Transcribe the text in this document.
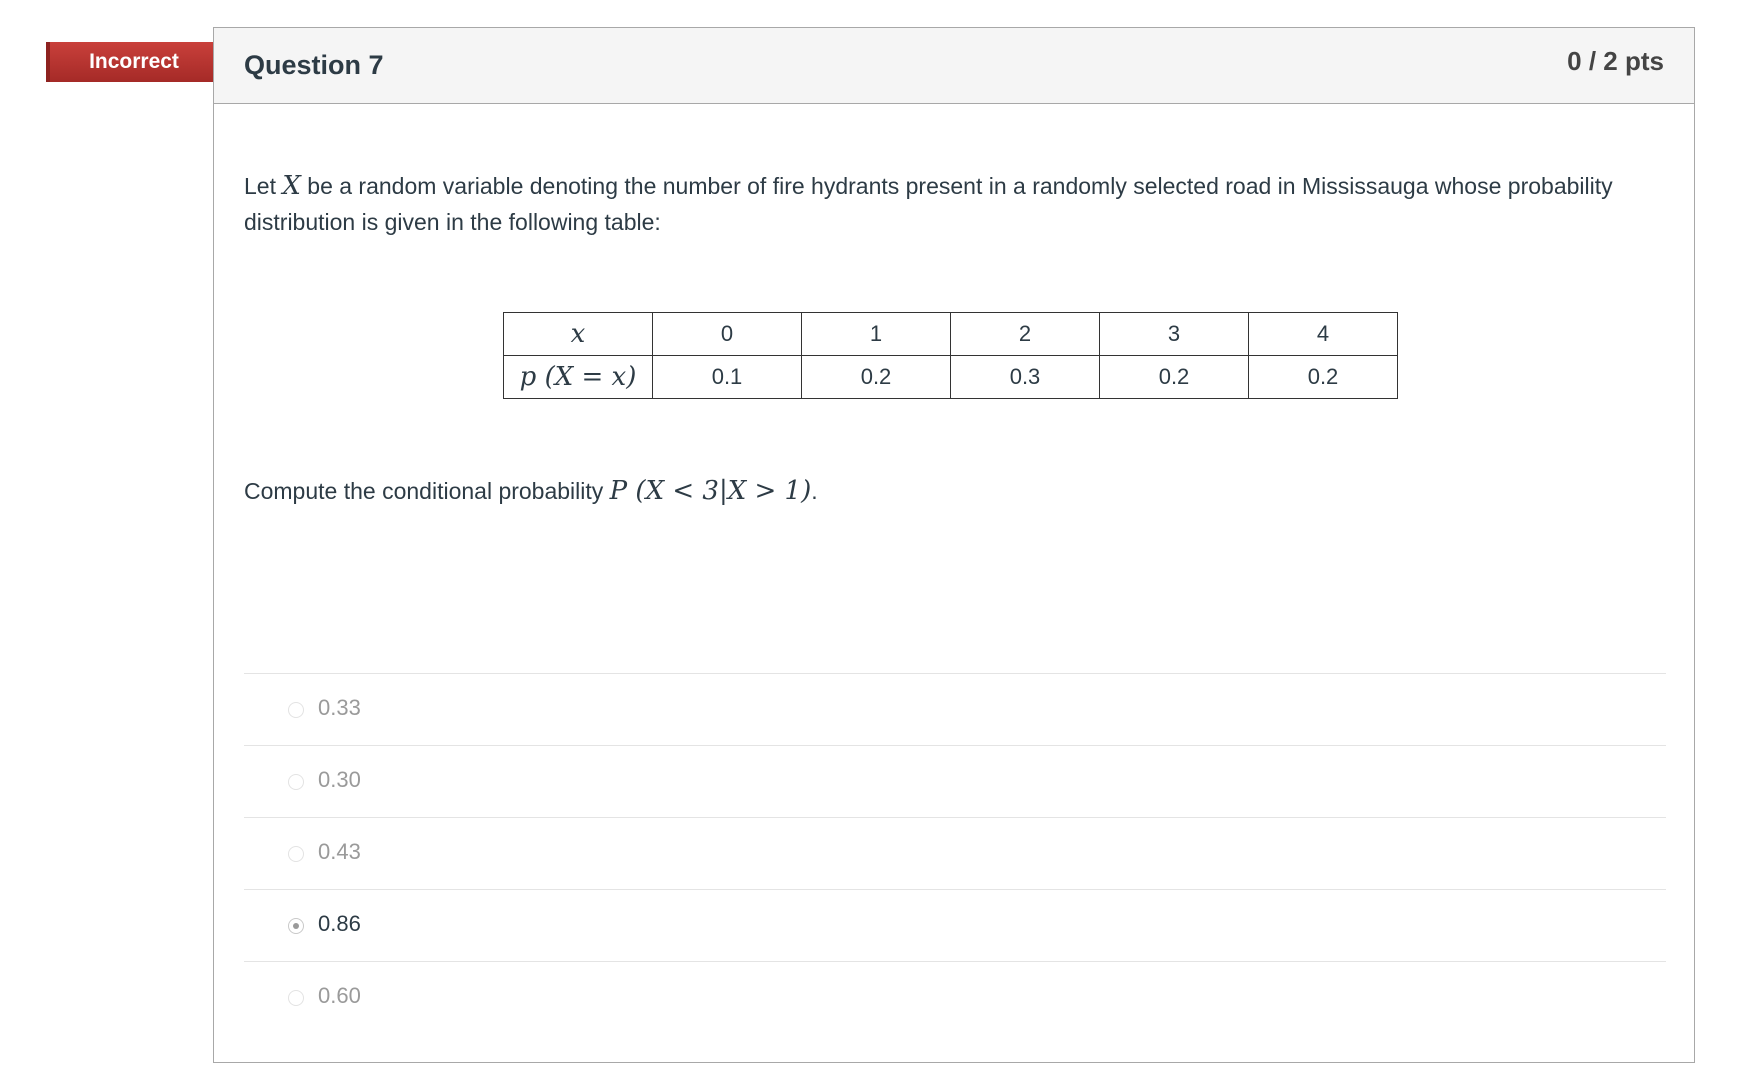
Incorrect	Question 7	0 / 2 pts
Let X be a random variable denoting the number of fire hydrants present in a randomly selected road in Mississauga whose probability distribution is given in the following table:
x	0	1	2	3	4
p (X = x)	0.1	0.2	0.3	0.2	0.2
Compute the conditional probability P (X < 3|X > 1).
0.33
0.30
0.43
0.86
0.60
